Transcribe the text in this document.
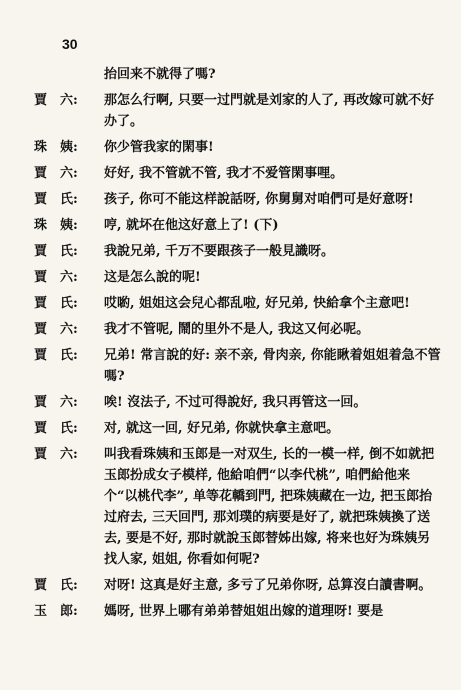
30
抬回来不就得了嗎?
賈　六:	那怎么行啊, 只要一过門就是刘家的人了, 再改嫁可就不好办了。
珠　姨:	你少管我家的閑事!
賈　六:	好好, 我不管就不管, 我才不爱管閑事哩。
賈　氏:	孩子, 你可不能这样說話呀, 你舅舅对咱們可是好意呀!
珠　姨:	哼, 就坏在他这好意上了! (下)
賈　氏:	我說兄弟, 千万不要跟孩子一般見識呀。
賈　六:	这是怎么說的呢!
賈　氏:	哎喲, 姐姐这会兒心都乱啦, 好兄弟, 快給拿个主意吧!
賈　六:	我才不管呢, 鬧的里外不是人, 我这又何必呢。
賈　氏:	兄弟! 常言說的好: 亲不亲, 骨肉亲, 你能瞅着姐姐着急不管嗎?
賈　六:	唉! 沒法子, 不过可得說好, 我只再管这一回。
賈　氏:	对, 就这一回, 好兄弟, 你就快拿主意吧。
賈　六:	叫我看珠姨和玉郎是一对双生, 长的一模一样, 倒不如就把玉郎扮成女子模样, 他給咱們“以李代桃”, 咱們給他来个“以桃代李”, 单等花轎到門, 把珠姨藏在一边, 把玉郎抬过府去, 三天回門, 那刘璞的病要是好了, 就把珠姨換了送去, 要是不好, 那时就說玉郎替姊出嫁, 将来也好为珠姨另找人家, 姐姐, 你看如何呢?
賈　氏:	对呀! 这真是好主意, 多亏了兄弟你呀, 总算沒白讀書啊。
玉　郎:	媽呀, 世界上哪有弟弟替姐姐出嫁的道理呀! 要是
